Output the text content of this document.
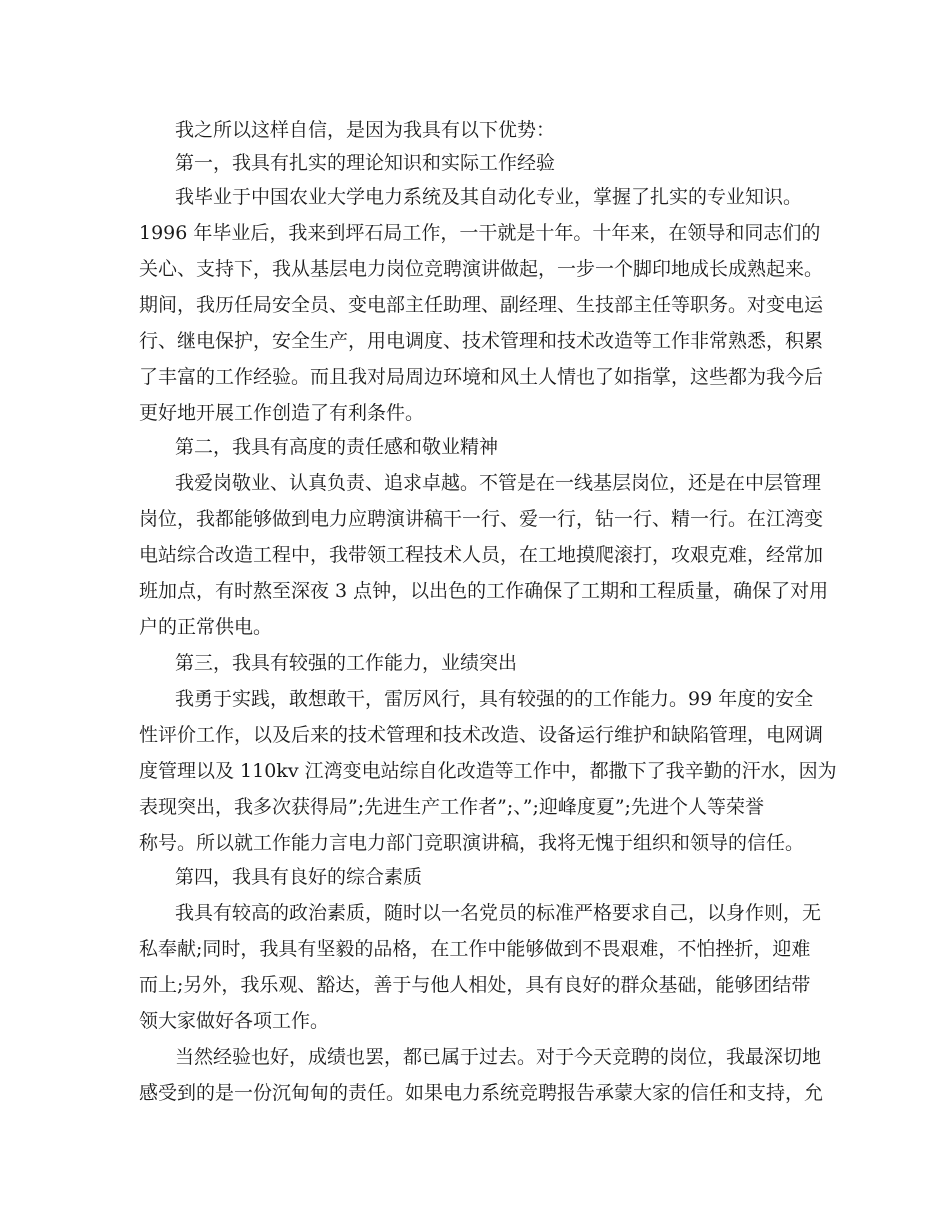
我之所以这样自信，是因为我具有以下优势：
第一，我具有扎实的理论知识和实际工作经验
我毕业于中国农业大学电力系统及其自动化专业，掌握了扎实的专业知识。
1996 年毕业后，我来到坪石局工作，一干就是十年。十年来，在领导和同志们的
关心、支持下，我从基层电力岗位竞聘演讲做起，一步一个脚印地成长成熟起来。
期间，我历任局安全员、变电部主任助理、副经理、生技部主任等职务。对变电运
行、继电保护，安全生产，用电调度、技术管理和技术改造等工作非常熟悉，积累
了丰富的工作经验。而且我对局周边环境和风土人情也了如指掌，这些都为我今后
更好地开展工作创造了有利条件。
第二，我具有高度的责任感和敬业精神
我爱岗敬业、认真负责、追求卓越。不管是在一线基层岗位，还是在中层管理
岗位，我都能够做到电力应聘演讲稿干一行、爱一行，钻一行、精一行。在江湾变
电站综合改造工程中，我带领工程技术人员，在工地摸爬滚打，攻艰克难，经常加
班加点，有时熬至深夜 3 点钟，以出色的工作确保了工期和工程质量，确保了对用
户的正常供电。
第三，我具有较强的工作能力，业绩突出
我勇于实践，敢想敢干，雷厉风行，具有较强的的工作能力。99 年度的安全
性评价工作，以及后来的技术管理和技术改造、设备运行维护和缺陷管理，电网调
度管理以及 110kv 江湾变电站综自化改造等工作中，都撒下了我辛勤的汗水，因为
表现突出，我多次获得局”;先进生产工作者”;、”;迎峰度夏”;先进个人等荣誉
称号。所以就工作能力言电力部门竞职演讲稿，我将无愧于组织和领导的信任。
第四，我具有良好的综合素质
我具有较高的政治素质，随时以一名党员的标准严格要求自己，以身作则，无
私奉献;同时，我具有坚毅的品格，在工作中能够做到不畏艰难，不怕挫折，迎难
而上;另外，我乐观、豁达，善于与他人相处，具有良好的群众基础，能够团结带
领大家做好各项工作。
当然经验也好，成绩也罢，都已属于过去。对于今天竞聘的岗位，我最深切地
感受到的是一份沉甸甸的责任。如果电力系统竞聘报告承蒙大家的信任和支持，允
